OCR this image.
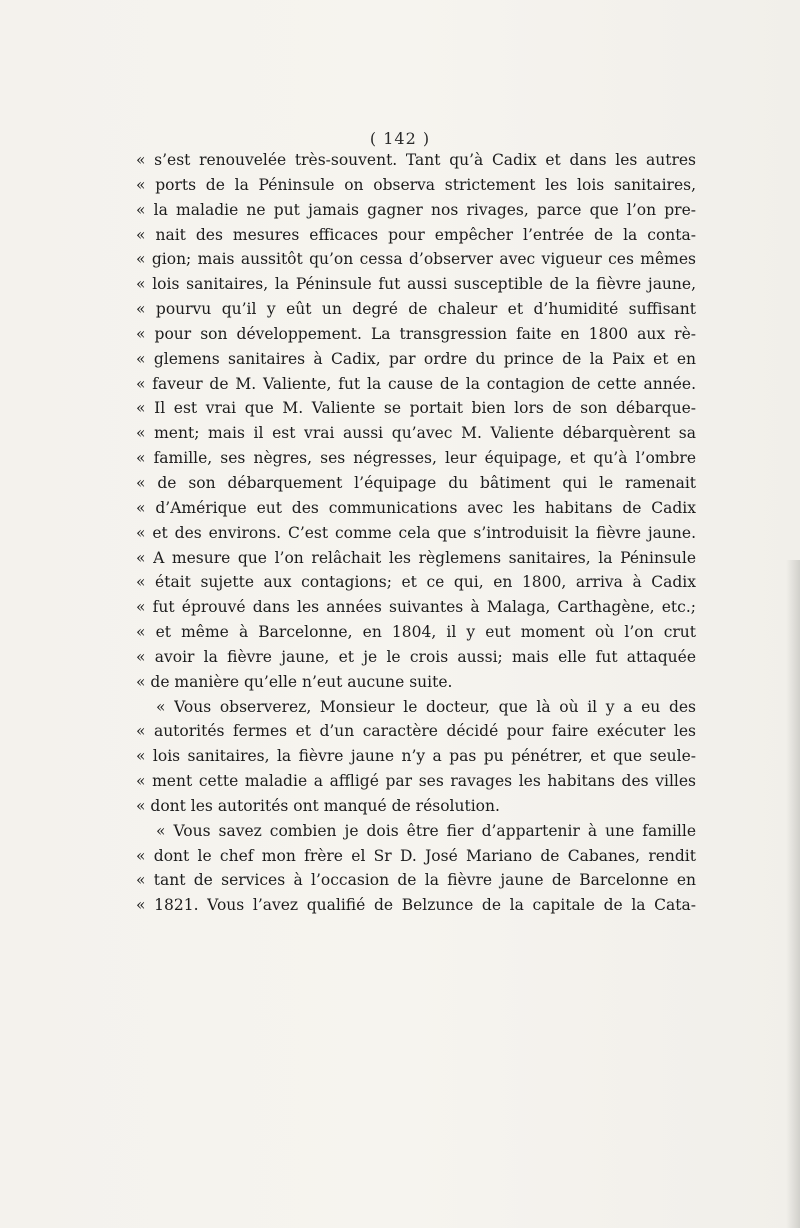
( 142 )
« s’est renouvelée très-souvent. Tant qu’à Cadix et dans les autres
« ports de la Péninsule on observa strictement les lois sanitaires,
« la maladie ne put jamais gagner nos rivages, parce que l’on pre-
« nait des mesures efficaces pour empêcher l’entrée de la conta-
« gion; mais aussitôt qu’on cessa d’observer avec vigueur ces mêmes
« lois sanitaires, la Péninsule fut aussi susceptible de la fièvre jaune,
« pourvu qu’il y eût un degré de chaleur et d’humidité suffisant
« pour son développement. La transgression faite en 1800 aux rè-
« glemens sanitaires à Cadix, par ordre du prince de la Paix et en
« faveur de M. Valiente, fut la cause de la contagion de cette année.
« Il est vrai que M. Valiente se portait bien lors de son débarque-
« ment; mais il est vrai aussi qu’avec M. Valiente débarquèrent sa
« famille, ses nègres, ses négresses, leur équipage, et qu’à l’ombre
« de son débarquement l’équipage du bâtiment qui le ramenait
« d’Amérique eut des communications avec les habitans de Cadix
« et des environs. C’est comme cela que s’introduisit la fièvre jaune.
« A mesure que l’on relâchait les règlemens sanitaires, la Péninsule
« était sujette aux contagions; et ce qui, en 1800, arriva à Cadix
« fut éprouvé dans les années suivantes à Malaga, Carthagène, etc.;
« et même à Barcelonne, en 1804, il y eut moment où l’on crut
« avoir la fièvre jaune, et je le crois aussi; mais elle fut attaquée
« de manière qu’elle n’eut aucune suite.
« Vous observerez, Monsieur le docteur, que là où il y a eu des
« autorités fermes et d’un caractère décidé pour faire exécuter les
« lois sanitaires, la fièvre jaune n’y a pas pu pénétrer, et que seule-
« ment cette maladie a affligé par ses ravages les habitans des villes
« dont les autorités ont manqué de résolution.
« Vous savez combien je dois être fier d’appartenir à une famille
« dont le chef mon frère el Sr D. José Mariano de Cabanes, rendit
« tant de services à l’occasion de la fièvre jaune de Barcelonne en
« 1821. Vous l’avez qualifié de Belzunce de la capitale de la Cata-
